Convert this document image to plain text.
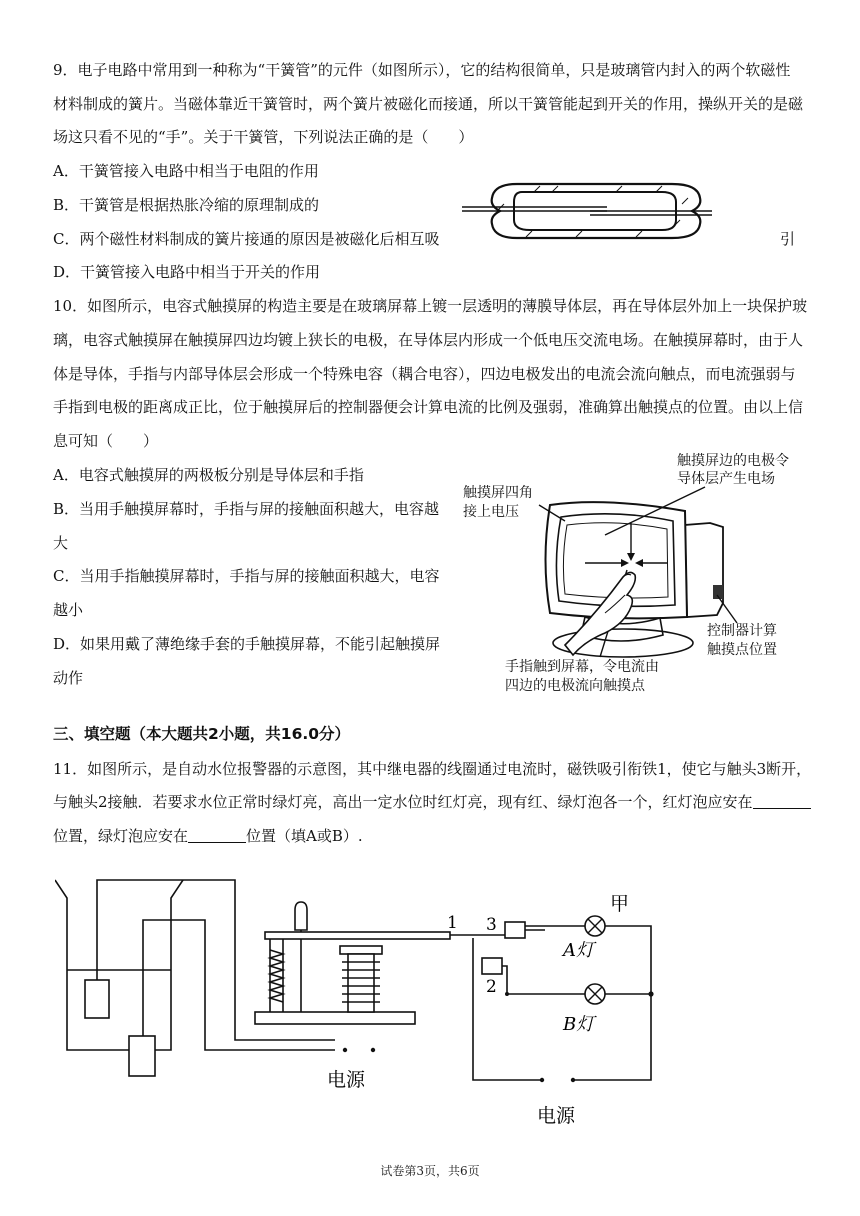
9．电子电路中常用到一种称为“干簧管”的元件（如图所示），它的结构很简单，只是玻璃管内封入的两个软磁性
材料制成的簧片。当磁体靠近干簧管时，两个簧片被磁化而接通，所以干簧管能起到开关的作用，操纵开关的是磁
场这只看不见的“手”。关于干簧管，下列说法正确的是（　　）
A．干簧管接入电路中相当于电阻的作用
B．干簧管是根据热胀冷缩的原理制成的
C．两个磁性材料制成的簧片接通的原因是被磁化后相互吸	引
D．干簧管接入电路中相当于开关的作用
10．如图所示，电容式触摸屏的构造主要是在玻璃屏幕上镀一层透明的薄膜导体层，再在导体层外加上一块保护玻
璃，电容式触摸屏在触摸屏四边均镀上狭长的电极，在导体层内形成一个低电压交流电场。在触摸屏幕时，由于人
体是导体，手指与内部导体层会形成一个特殊电容（耦合电容），四边电极发出的电流会流向触点，而电流强弱与
手指到电极的距离成正比，位于触摸屏后的控制器便会计算电流的比例及强弱，准确算出触摸点的位置。由以上信
息可知（　　）
A．电容式触摸屏的两极板分别是导体层和手指
B．当用手触摸屏幕时，手指与屏的接触面积越大，电容越
大
C．当用手指触摸屏幕时，手指与屏的接触面积越大，电容
越小
D．如果用戴了薄绝缘手套的手触摸屏幕，不能引起触摸屏
动作
触摸屏边的电极令
导体层产生电场
触摸屏四角
接上电压
控制器计算
触摸点位置
手指触到屏幕，令电流由
四边的电极流向触摸点
三、填空题（本大题共2小题，共16.0分）
11．如图所示，是自动水位报警器的示意图，其中继电器的线圈通过电流时，磁铁吸引衔铁1，使它与触头3断开，
与触头2接触．若要求水位正常时绿灯亮，高出一定水位时红灯亮，现有红、绿灯泡各一个，红灯泡应安在
位置，绿灯泡应安在	位置（填A或B）.
甲
1 3
2
A灯
B灯
电源
电源
试卷第3页，共6页
